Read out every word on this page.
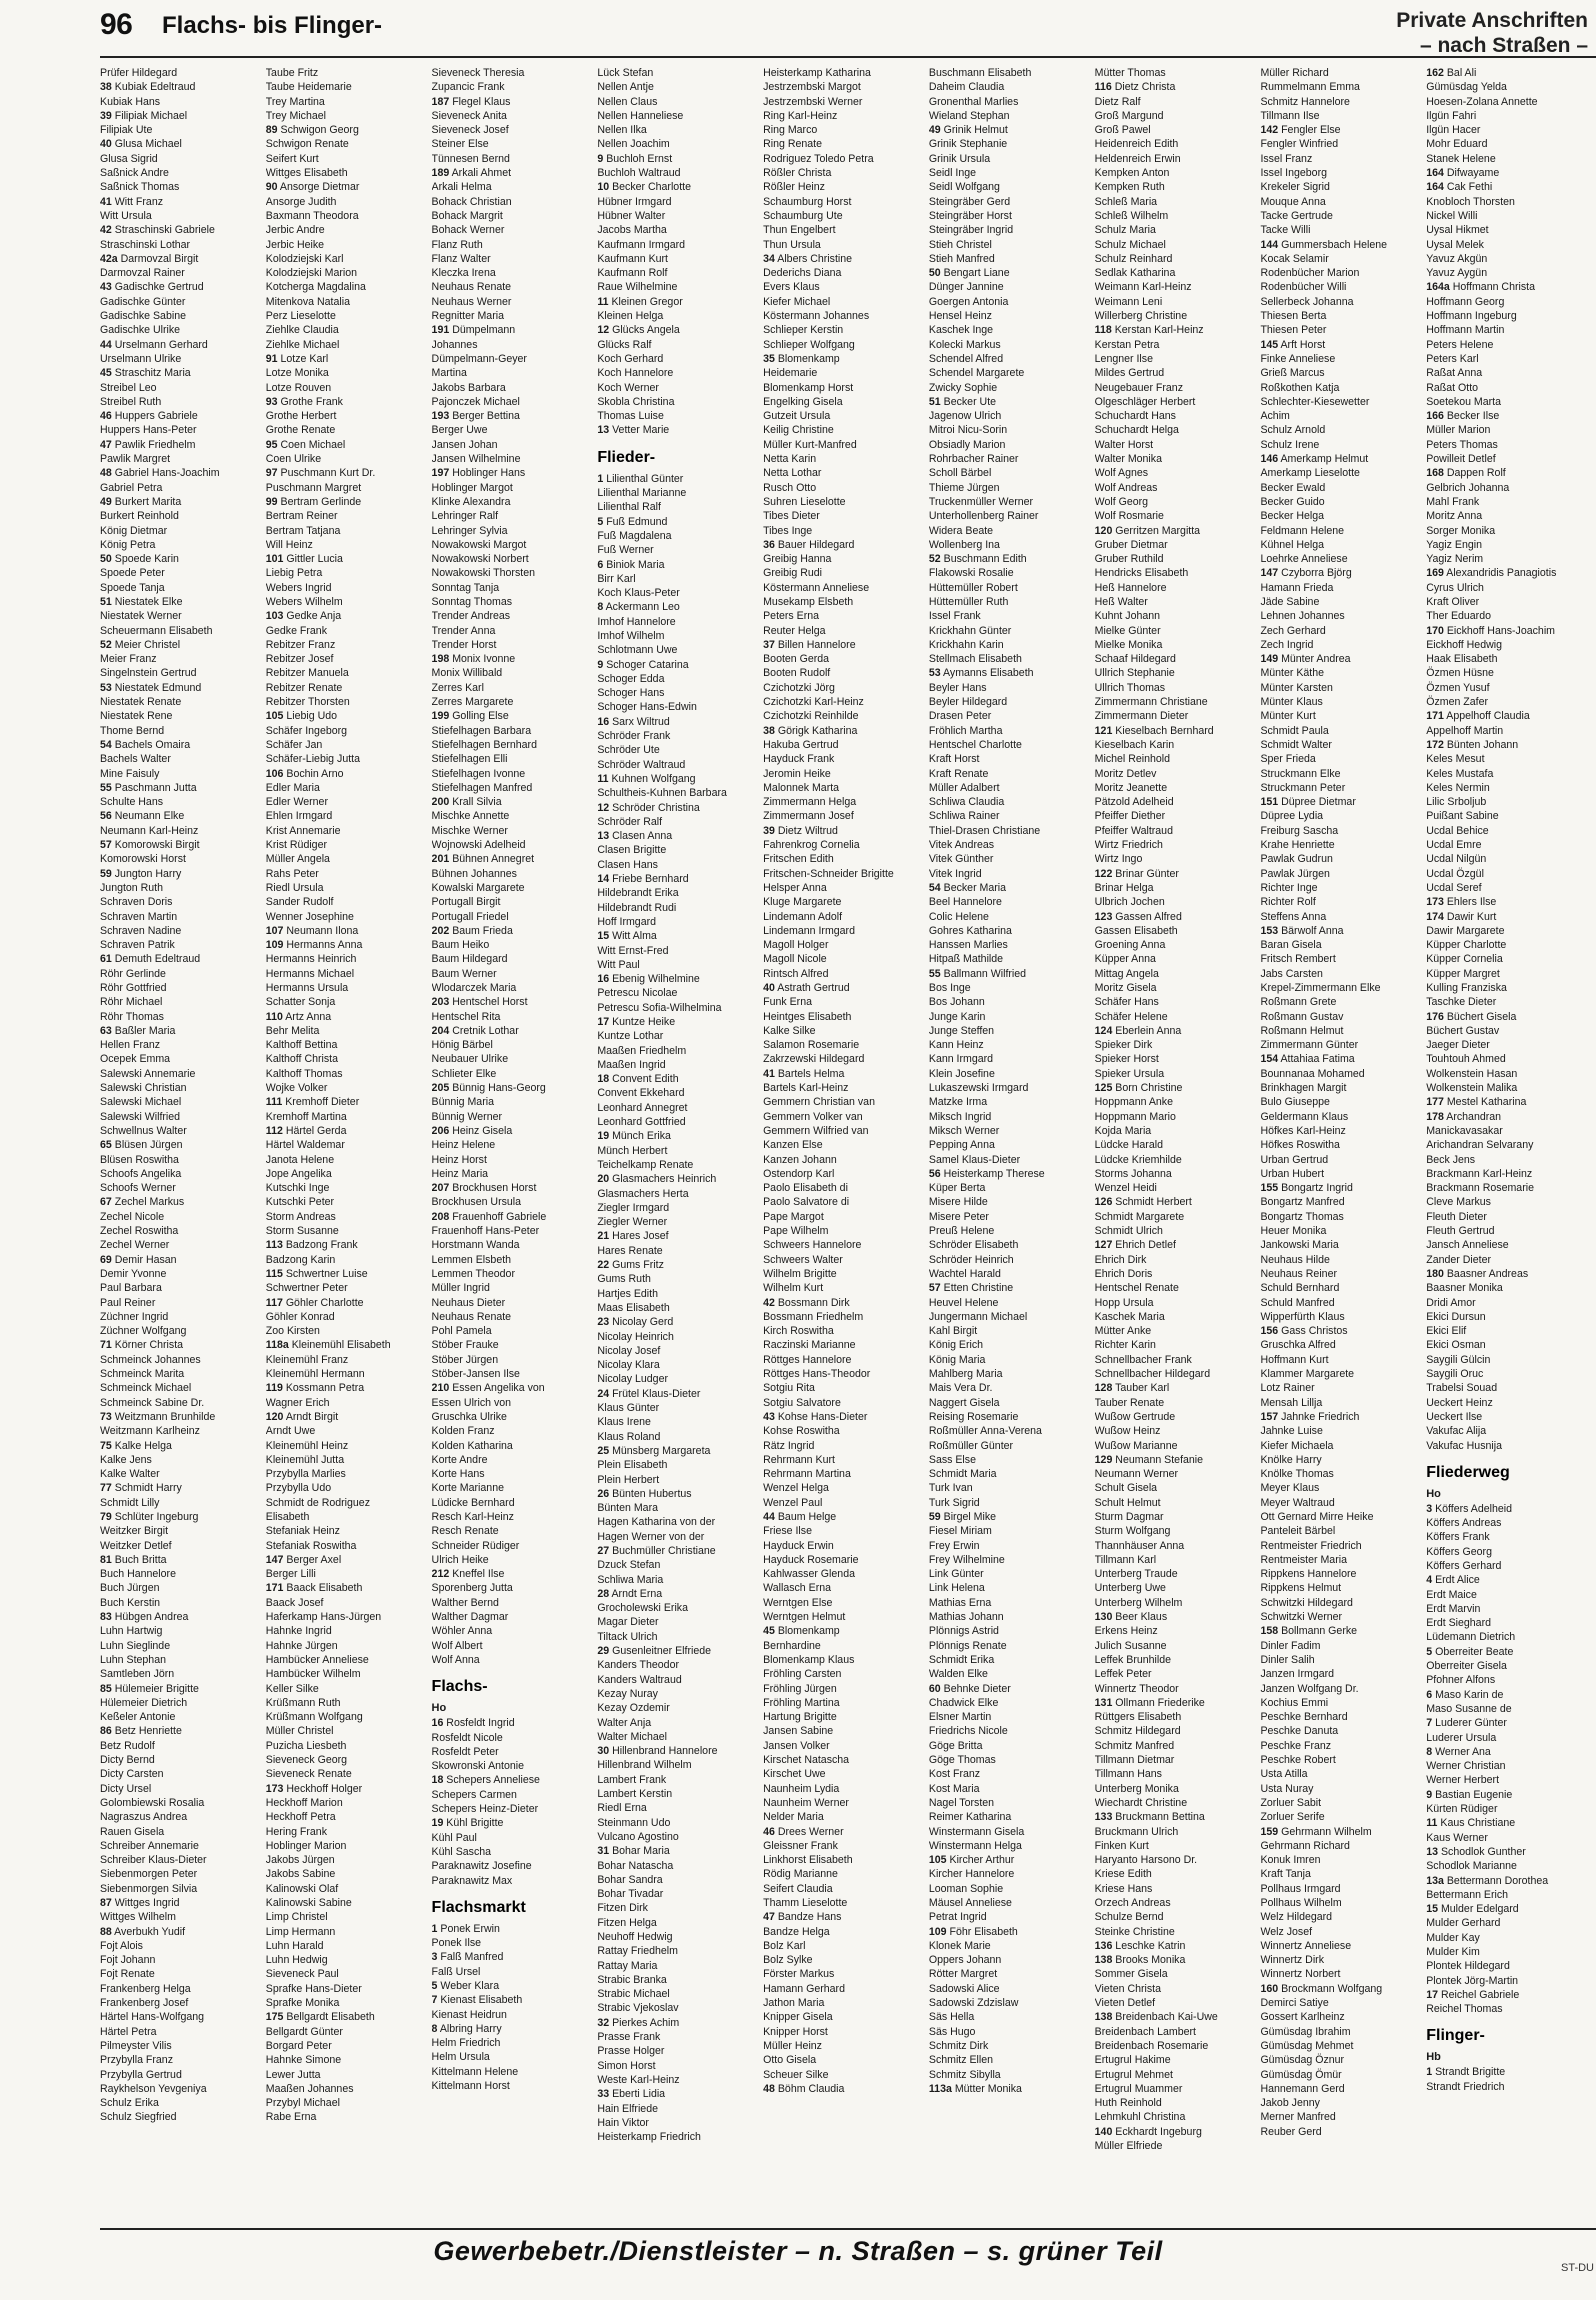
96 Flachs- bis Flinger-	Private Anschriften
– nach Straßen –
Prüfer Hildegard
38 Kubiak Edeltraud
Kubiak Hans
39 Filipiak Michael
Filipiak Ute
40 Glusa Michael
Glusa Sigrid
Saßnick Andre
Saßnick Thomas
41 Witt Franz
Witt Ursula
42 Straschinski Gabriele
Straschinski Lothar
42a Darmovzal Birgit
Darmovzal Rainer
43 Gadischke Gertrud
Gadischke Günter
Gadischke Sabine
Gadischke Ulrike
44 Urselmann Gerhard
Urselmann Ulrike
45 Straschitz Maria
Streibel Leo
Streibel Ruth
46 Huppers Gabriele
Huppers Hans-Peter
47 Pawlik Friedhelm
Pawlik Margret
48 Gabriel Hans-Joachim
Gabriel Petra
49 Burkert Marita
Burkert Reinhold
König Dietmar
König Petra
50 Spoede Karin
Spoede Peter
Spoede Tanja
51 Niestatek Elke
Niestatek Werner
Scheuermann Elisabeth
52 Meier Christel
Meier Franz
Singelnstein Gertrud
53 Niestatek Edmund
Niestatek Renate
Niestatek Rene
Thome Bernd
54 Bachels Omaira
Bachels Walter
Mine Faisuly
55 Paschmann Jutta
Schulte Hans
56 Neumann Elke
Neumann Karl-Heinz
57 Komorowski Birgit
Komorowski Horst
59 Jungton Harry
Jungton Ruth
Schraven Doris
Schraven Martin
Schraven Nadine
Schraven Patrik
61 Demuth Edeltraud
Röhr Gerlinde
Röhr Gottfried
Röhr Michael
Röhr Thomas
63 Baßler Maria
Hellen Franz
Ocepek Emma
Salewski Annemarie
Salewski Christian
Salewski Michael
Salewski Wilfried
Schwellnus Walter
65 Blüsen Jürgen
Blüsen Roswitha
Schoofs Angelika
Schoofs Werner
67 Zechel Markus
Zechel Nicole
Zechel Roswitha
Zechel Werner
69 Demir Hasan
Demir Yvonne
Paul Barbara
Paul Reiner
Züchner Ingrid
Züchner Wolfgang
71 Körner Christa
Schmeinck Johannes
Schmeinck Marita
Schmeinck Michael
Schmeinck Sabine Dr.
73 Weitzmann Brunhilde
Weitzmann Karlheinz
75 Kalke Helga
Kalke Jens
Kalke Walter
77 Schmidt Harry
Schmidt Lilly
79 Schlüter Ingeburg
Weitzker Birgit
Weitzker Detlef
81 Buch Britta
Buch Hannelore
Buch Jürgen
Buch Kerstin
83 Hübgen Andrea
Luhn Hartwig
Luhn Sieglinde
Luhn Stephan
Samtleben Jörn
85 Hülemeier Brigitte
Hülemeier Dietrich
Keßeler Antonie
86 Betz Henriette
Betz Rudolf
Dicty Bernd
Dicty Carsten
Dicty Ursel
Golombiewski Rosalia
Nagraszus Andrea
Rauen Gisela
Schreiber Annemarie
Schreiber Klaus-Dieter
Siebenmorgen Peter
Siebenmorgen Silvia
87 Wittges Ingrid
Wittges Wilhelm
88 Averbukh Yudif
Fojt Alois
Fojt Johann
Fojt Renate
Frankenberg Helga
Frankenberg Josef
Härtel Hans-Wolfgang
Härtel Petra
Pilmeyster Vilis
Przybylla Franz
Przybylla Gertrud
Raykhelson Yevgeniya
Schulz Erika
Schulz Siegfried
Taube Fritz
Taube Heidemarie
Trey Martina
Trey Michael
89 Schwigon Georg
Schwigon Renate
Seifert Kurt
Wittges Elisabeth
90 Ansorge Dietmar
Ansorge Judith
Baxmann Theodora
Jerbic Andre
Jerbic Heike
Kolodziejski Karl
Kolodziejski Marion
Kotcherga Magdalina
Mitenkova Natalia
Perz Lieselotte
Ziehlke Claudia
Ziehlke Michael
91 Lotze Karl
Lotze Monika
Lotze Rouven
93 Grothe Frank
Grothe Herbert
Grothe Renate
95 Coen Michael
Coen Ulrike
97 Puschmann Kurt Dr.
Puschmann Margret
99 Bertram Gerlinde
Bertram Reiner
Bertram Tatjana
Will Heinz
101 Gittler Lucia
Liebig Petra
Webers Ingrid
Webers Wilhelm
103 Gedke Anja
Gedke Frank
Rebitzer Franz
Rebitzer Josef
Rebitzer Manuela
Rebitzer Renate
Rebitzer Thorsten
105 Liebig Udo
Schäfer Ingeborg
Schäfer Jan
Schäfer-Liebig Jutta
106 Bochin Arno
Edler Maria
Edler Werner
Ehlen Irmgard
Krist Annemarie
Krist Rüdiger
Müller Angela
Rahs Peter
Riedl Ursula
Sander Rudolf
Wenner Josephine
107 Neumann Ilona
109 Hermanns Anna
Hermanns Heinrich
Hermanns Michael
Hermanns Ursula
Schatter Sonja
110 Artz Anna
Behr Melita
Kalthoff Bettina
Kalthoff Christa
Kalthoff Thomas
Wojke Volker
111 Kremhoff Dieter
Kremhoff Martina
112 Härtel Gerda
Härtel Waldemar
Janota Helene
Jope Angelika
Kutschki Inge
Kutschki Peter
Storm Andreas
Storm Susanne
113 Badzong Frank
Badzong Karin
115 Schwertner Luise
Schwertner Peter
117 Göhler Charlotte
Göhler Konrad
Zoo Kirsten
118a Kleinemühl Elisabeth
Kleinemühl Franz
Kleinemühl Hermann
119 Kossmann Petra
Wagner Erich
120 Arndt Birgit
Arndt Uwe
Kleinemühl Heinz
Kleinemühl Jutta
Przybylla Marlies
Przybylla Udo
Schmidt de Rodriguez
Elisabeth
Stefaniak Heinz
Stefaniak Roswitha
147 Berger Axel
Berger Lilli
171 Baack Elisabeth
Baack Josef
Haferkamp Hans-Jürgen
Hahnke Ingrid
Hahnke Jürgen
Hambücker Anneliese
Hambücker Wilhelm
Keller Silke
Krüßmann Ruth
Krüßmann Wolfgang
Müller Christel
Puzicha Liesbeth
Sieveneck Georg
Sieveneck Renate
173 Heckhoff Holger
Heckhoff Marion
Heckhoff Petra
Hering Frank
Hoblinger Marion
Jakobs Jürgen
Jakobs Sabine
Kalinowski Olaf
Kalinowski Sabine
Limp Christel
Limp Hermann
Luhn Harald
Luhn Hedwig
Sieveneck Paul
Sprafke Hans-Dieter
Sprafke Monika
175 Bellgardt Elisabeth
Bellgardt Günter
Borgard Peter
Hahnke Simone
Lewer Jutta
Maaßen Johannes
Przybyl Michael
Rabe Erna
Sieveneck Theresia
Zupancic Frank
187 Flegel Klaus
Sieveneck Anita
Sieveneck Josef
Steiner Else
Tünnesen Bernd
189 Arkali Ahmet
Arkali Helma
Bohack Christian
Bohack Margrit
Bohack Werner
Flanz Ruth
Flanz Walter
Kleczka Irena
Neuhaus Renate
Neuhaus Werner
Regnitter Maria
191 Dümpelmann
Johannes
Dümpelmann-Geyer
Martina
Jakobs Barbara
Pajonczek Michael
193 Berger Bettina
Berger Uwe
Jansen Johan
Jansen Wilhelmine
197 Hoblinger Hans
Hoblinger Margot
Klinke Alexandra
Lehringer Ralf
Lehringer Sylvia
Nowakowski Margot
Nowakowski Norbert
Nowakowski Thorsten
Sonntag Tanja
Sonntag Thomas
Trender Andreas
Trender Anna
Trender Horst
198 Monix Ivonne
Monix Willibald
Zerres Karl
Zerres Margarete
199 Golling Else
Stiefelhagen Barbara
Stiefelhagen Bernhard
Stiefelhagen Elli
Stiefelhagen Ivonne
Stiefelhagen Manfred
200 Krall Silvia
Mischke Annette
Mischke Werner
Wojnowski Adelheid
201 Bühnen Annegret
Bühnen Johannes
Kowalski Margarete
Portugall Birgit
Portugall Friedel
202 Baum Frieda
Baum Heiko
Baum Hildegard
Baum Werner
Wlodarczek Maria
203 Hentschel Horst
Hentschel Rita
204 Cretnik Lothar
Hönig Bärbel
Neubauer Ulrike
Schlieter Elke
205 Bünnig Hans-Georg
Bünnig Maria
Bünnig Werner
206 Heinz Gisela
Heinz Helene
Heinz Horst
Heinz Maria
207 Brockhusen Horst
Brockhusen Ursula
208 Frauenhoff Gabriele
Frauenhoff Hans-Peter
Horstmann Wanda
Lemmen Elsbeth
Lemmen Theodor
Müller Ingrid
Neuhaus Dieter
Neuhaus Renate
Pohl Pamela
Stöber Frauke
Stöber Jürgen
Stöber-Jansen Ilse
210 Essen Angelika von
Essen Ulrich von
Gruschka Ulrike
Kolden Franz
Kolden Katharina
Korte Andre
Korte Hans
Korte Marianne
Lüdicke Bernhard
Resch Karl-Heinz
Resch Renate
Schneider Rüdiger
Ulrich Heike
212 Kneffel Ilse
Sporenberg Jutta
Walther Bernd
Walther Dagmar
Wöhler Anna
Wolf Albert
Wolf Anna
Flachs-
Ho
16 Rosfeldt Ingrid
Rosfeldt Nicole
Rosfeldt Peter
Skowronski Antonie
18 Schepers Anneliese
Schepers Carmen
Schepers Heinz-Dieter
19 Kühl Brigitte
Kühl Paul
Kühl Sascha
Paraknawitz Josefine
Paraknawitz Max
Flachsmarkt
1 Ponek Erwin
Ponek Ilse
3 Falß Manfred
Falß Ursel
5 Weber Klara
7 Kienast Elisabeth
Kienast Heidrun
8 Albring Harry
Helm Friedrich
Helm Ursula
Kittelmann Helene
Kittelmann Horst
Lück Stefan
Nellen Antje
Nellen Claus
Nellen Hanneliese
Nellen Ilka
Nellen Joachim
9 Buchloh Ernst
Buchloh Waltraud
10 Becker Charlotte
Hübner Irmgard
Hübner Walter
Jacobs Martha
Kaufmann Irmgard
Kaufmann Kurt
Kaufmann Rolf
Raue Wilhelmine
11 Kleinen Gregor
Kleinen Helga
12 Glücks Angela
Glücks Ralf
Koch Gerhard
Koch Hannelore
Koch Werner
Skobla Christina
Thomas Luise
13 Vetter Marie
Flieder-
1 Lilienthal Günter
Lilienthal Marianne
Lilienthal Ralf
5 Fuß Edmund
Fuß Magdalena
Fuß Werner
6 Biniok Maria
Birr Karl
Koch Klaus-Peter
8 Ackermann Leo
Imhof Hannelore
Imhof Wilhelm
Schlotmann Uwe
9 Schoger Catarina
Schoger Edda
Schoger Hans
Schoger Hans-Edwin
16 Sarx Wiltrud
Schröder Frank
Schröder Ute
Schröder Waltraud
11 Kuhnen Wolfgang
Schultheis-Kuhnen Barbara
12 Schröder Christina
Schröder Ralf
13 Clasen Anna
Clasen Brigitte
Clasen Hans
14 Friebe Bernhard
Hildebrandt Erika
Hildebrandt Rudi
Hoff Irmgard
15 Witt Alma
Witt Ernst-Fred
Witt Paul
16 Ebenig Wilhelmine
Petrescu Nicolae
Petrescu Sofia-Wilhelmina
17 Kuntze Heike
Kuntze Lothar
Maaßen Friedhelm
Maaßen Ingrid
18 Convent Edith
Convent Ekkehard
Leonhard Annegret
Leonhard Gottfried
19 Münch Erika
Münch Herbert
Teichelkamp Renate
20 Glasmachers Heinrich
Glasmachers Herta
Ziegler Irmgard
Ziegler Werner
21 Hares Josef
Hares Renate
22 Gums Fritz
Gums Ruth
Hartjes Edith
Maas Elisabeth
23 Nicolay Gerd
Nicolay Heinrich
Nicolay Josef
Nicolay Klara
Nicolay Ludger
24 Frütel Klaus-Dieter
Klaus Günter
Klaus Irene
Klaus Roland
25 Münsberg Margareta
Plein Elisabeth
Plein Herbert
26 Bünten Hubertus
Bünten Mara
Hagen Katharina von der
Hagen Werner von der
27 Buchmüller Christiane
Dzuck Stefan
Schliwa Maria
28 Arndt Erna
Grocholewski Erika
Magar Dieter
Tiltack Ulrich
29 Gusenleitner Elfriede
Kanders Theodor
Kanders Waltraud
Kezay Nuray
Kezay Ozdemir
Walter Anja
Walter Michael
30 Hillenbrand Hannelore
Hillenbrand Wilhelm
Lambert Frank
Lambert Kerstin
Riedl Erna
Steinmann Udo
Vulcano Agostino
31 Bohar Maria
Bohar Natascha
Bohar Sandra
Bohar Tivadar
Fitzen Dirk
Fitzen Helga
Neuhoff Hedwig
Rattay Friedhelm
Rattay Maria
Strabic Branka
Strabic Michael
Strabic Vjekoslav
32 Pierkes Achim
Prasse Frank
Prasse Holger
Simon Horst
Weste Karl-Heinz
33 Eberti Lidia
Hain Elfriede
Hain Viktor
Heisterkamp Friedrich
Heisterkamp Katharina
Jestrzembski Margot
Jestrzembski Werner
Ring Karl-Heinz
Ring Marco
Ring Renate
Rodriguez Toledo Petra
Rößler Christa
Rößler Heinz
Schaumburg Horst
Schaumburg Ute
Thun Engelbert
Thun Ursula
34 Albers Christine
Dederichs Diana
Evers Klaus
Kiefer Michael
Köstermann Johannes
Schlieper Kerstin
Schlieper Wolfgang
35 Blomenkamp
Heidemarie
Blomenkamp Horst
Engelking Gisela
Gutzeit Ursula
Keilig Christine
Müller Kurt-Manfred
Netta Karin
Netta Lothar
Rusch Otto
Suhren Lieselotte
Tibes Dieter
Tibes Inge
36 Bauer Hildegard
Greibig Hanna
Greibig Rudi
Köstermann Anneliese
Musekamp Elsbeth
Peters Erna
Reuter Helga
37 Billen Hannelore
Booten Gerda
Booten Rudolf
Czichotzki Jörg
Czichotzki Karl-Heinz
Czichotzki Reinhilde
38 Görigk Katharina
Hakuba Gertrud
Hayduck Frank
Jeromin Heike
Malonnek Marta
Zimmermann Helga
Zimmermann Josef
39 Dietz Wiltrud
Fahrenkrog Cornelia
Fritschen Edith
Fritschen-Schneider Brigitte
Helsper Anna
Kluge Margarete
Lindemann Adolf
Lindemann Irmgard
Magoll Holger
Magoll Nicole
Rintsch Alfred
40 Astrath Gertrud
Funk Erna
Heintges Elisabeth
Kalke Silke
Salamon Rosemarie
Zakrzewski Hildegard
41 Bartels Helma
Bartels Karl-Heinz
Gemmern Christian van
Gemmern Volker van
Gemmern Wilfried van
Kanzen Else
Kanzen Johann
Ostendorp Karl
Paolo Elisabeth di
Paolo Salvatore di
Pape Margot
Pape Wilhelm
Schweers Hannelore
Schweers Walter
Wilhelm Brigitte
Wilhelm Kurt
42 Bossmann Dirk
Bossmann Friedhelm
Kirch Roswitha
Raczinski Marianne
Röttges Hannelore
Röttges Hans-Theodor
Sotgiu Rita
Sotgiu Salvatore
43 Kohse Hans-Dieter
Kohse Roswitha
Rätz Ingrid
Rehrmann Kurt
Rehrmann Martina
Wenzel Helga
Wenzel Paul
44 Baum Helge
Friese Ilse
Hayduck Erwin
Hayduck Rosemarie
Kahlwasser Glenda
Wallasch Erna
Werntgen Else
Werntgen Helmut
45 Blomenkamp
Bernhardine
Blomenkamp Klaus
Fröhling Carsten
Fröhling Jürgen
Fröhling Martina
Hartung Brigitte
Jansen Sabine
Jansen Volker
Kirschet Natascha
Kirschet Uwe
Naunheim Lydia
Naunheim Werner
Nelder Maria
46 Drees Werner
Gleissner Frank
Linkhorst Elisabeth
Rödig Marianne
Seifert Claudia
Thamm Lieselotte
47 Bandze Hans
Bandze Helga
Bolz Karl
Bolz Sylke
Förster Markus
Hamann Gerhard
Jathon Maria
Knipper Gisela
Knipper Horst
Müller Heinz
Otto Gisela
Scheuer Silke
48 Böhm Claudia
Buschmann Elisabeth
Daheim Claudia
Gronenthal Marlies
Wieland Stephan
49 Grinik Helmut
Grinik Stephanie
Grinik Ursula
Seidl Inge
Seidl Wolfgang
Steingräber Gerd
Steingräber Horst
Steingräber Ingrid
Stieh Christel
Stieh Manfred
50 Bengart Liane
Dünger Jannine
Goergen Antonia
Hensel Heinz
Kaschek Inge
Kolecki Markus
Schendel Alfred
Schendel Margarete
Zwicky Sophie
51 Becker Ute
Jagenow Ulrich
Mitroi Nicu-Sorin
Obsiadly Marion
Rohrbacher Rainer
Scholl Bärbel
Thieme Jürgen
Truckenmüller Werner
Unterhollenberg Rainer
Widera Beate
Wollenberg Ina
52 Buschmann Edith
Flakowski Rosalie
Hüttemüller Robert
Hüttemüller Ruth
Issel Frank
Krickhahn Günter
Krickhahn Karin
Stellmach Elisabeth
53 Aymanns Elisabeth
Beyler Hans
Beyler Hildegard
Drasen Peter
Fröhlich Martha
Hentschel Charlotte
Kraft Horst
Kraft Renate
Müller Adalbert
Schliwa Claudia
Schliwa Rainer
Thiel-Drasen Christiane
Vitek Andreas
Vitek Günther
Vitek Ingrid
54 Becker Maria
Beel Hannelore
Colic Helene
Gohres Katharina
Hanssen Marlies
Hitpaß Mathilde
55 Ballmann Wilfried
Bos Inge
Bos Johann
Junge Karin
Junge Steffen
Kann Heinz
Kann Irmgard
Klein Josefine
Lukaszewski Irmgard
Matzke Irma
Miksch Ingrid
Miksch Werner
Pepping Anna
Samel Klaus-Dieter
56 Heisterkamp Therese
Küper Berta
Misere Hilde
Misere Peter
Preuß Helene
Schröder Elisabeth
Schröder Heinrich
Wachtel Harald
57 Etten Christine
Heuvel Helene
Jungermann Michael
Kahl Birgit
König Erich
König Maria
Mahlberg Maria
Mais Vera Dr.
Naggert Gisela
Reising Rosemarie
Roßmüller Anna-Verena
Roßmüller Günter
Sass Else
Schmidt Maria
Turk Ivan
Turk Sigrid
59 Birgel Mike
Fiesel Miriam
Frey Erwin
Frey Wilhelmine
Link Günter
Link Helena
Mathias Erna
Mathias Johann
Plönnigs Astrid
Plönnigs Renate
Schmidt Erika
Walden Elke
60 Behnke Dieter
Chadwick Elke
Elsner Martin
Friedrichs Nicole
Göge Britta
Göge Thomas
Kost Franz
Kost Maria
Nagel Torsten
Reimer Katharina
Winstermann Gisela
Winstermann Helga
105 Kircher Arthur
Kircher Hannelore
Looman Sophie
Mäusel Anneliese
Petrat Ingrid
109 Föhr Elisabeth
Klonek Marie
Oppers Johann
Rötter Margret
Sadowski Alice
Sadowski Zdzislaw
Säs Hella
Säs Hugo
Schmitz Dirk
Schmitz Ellen
Schmitz Sibylla
113a Mütter Monika
Mütter Thomas
116 Dietz Christa
Dietz Ralf
Groß Margund
Groß Pawel
Heidenreich Edith
Heldenreich Erwin
Kempken Anton
Kempken Ruth
Schleß Maria
Schleß Wilhelm
Schulz Maria
Schulz Michael
Schulz Reinhard
Sedlak Katharina
Weimann Karl-Heinz
Weimann Leni
Willerberg Christine
118 Kerstan Karl-Heinz
Kerstan Petra
Lengner Ilse
Mildes Gertrud
Neugebauer Franz
Olgeschläger Herbert
Schuchardt Hans
Schuchardt Helga
Walter Horst
Walter Monika
Wolf Agnes
Wolf Andreas
Wolf Georg
Wolf Rosmarie
120 Gerritzen Margitta
Gruber Dietmar
Gruber Ruthild
Hendricks Elisabeth
Heß Hannelore
Heß Walter
Kuhnt Johann
Mielke Günter
Mielke Monika
Schaaf Hildegard
Ullrich Stephanie
Ullrich Thomas
Zimmermann Christiane
Zimmermann Dieter
121 Kieselbach Bernhard
Kieselbach Karin
Michel Reinhold
Moritz Detlev
Moritz Jeanette
Pätzold Adelheid
Pfeiffer Diether
Pfeiffer Waltraud
Wirtz Friedrich
Wirtz Ingo
122 Brinar Günter
Brinar Helga
Ulbrich Jochen
123 Gassen Alfred
Gassen Elisabeth
Groening Anna
Küpper Anna
Mittag Angela
Moritz Gisela
Schäfer Hans
Schäfer Helene
124 Eberlein Anna
Spieker Dirk
Spieker Horst
Spieker Ursula
125 Born Christine
Hoppmann Anke
Hoppmann Mario
Kojda Maria
Lüdcke Harald
Lüdcke Kriemhilde
Storms Johanna
Wenzel Heidi
126 Schmidt Herbert
Schmidt Margarete
Schmidt Ulrich
127 Ehrich Detlef
Ehrich Dirk
Ehrich Doris
Hentschel Renate
Hopp Ursula
Kaschek Maria
Mütter Anke
Richter Karin
Schnellbacher Frank
Schnellbacher Hildegard
128 Tauber Karl
Tauber Renate
Wußow Gertrude
Wußow Heinz
Wußow Marianne
129 Neumann Stefanie
Neumann Werner
Schult Gisela
Schult Helmut
Sturm Dagmar
Sturm Wolfgang
Thannhäuser Anna
Tillmann Karl
Unterberg Traude
Unterberg Uwe
Unterberg Wilhelm
130 Beer Klaus
Erkens Heinz
Julich Susanne
Leffek Brunhilde
Leffek Peter
Winnertz Theodor
131 Ollmann Friederike
Rüttgers Elisabeth
Schmitz Hildegard
Schmitz Manfred
Tillmann Dietmar
Tillmann Hans
Unterberg Monika
Wiechardt Christine
133 Bruckmann Bettina
Bruckmann Ulrich
Finken Kurt
Haryanto Harsono Dr.
Kriese Edith
Kriese Hans
Orzech Andreas
Schulze Bernd
Steinke Christine
136 Leschke Katrin
138 Brooks Monika
Sommer Gisela
Vieten Christa
Vieten Detlef
138 Breidenbach Kai-Uwe
Breidenbach Lambert
Breidenbach Rosemarie
Ertugrul Hakime
Ertugrul Mehmet
Ertugrul Muammer
Huth Reinhold
Lehmkuhl Christina
140 Eckhardt Ingeburg
Müller Elfriede
Müller Richard
Rummelmann Emma
Schmitz Hannelore
Tillmann Ilse
142 Fengler Else
Fengler Winfried
Issel Franz
Issel Ingeborg
Krekeler Sigrid
Mouque Anna
Tacke Gertrude
Tacke Willi
144 Gummersbach Helene
Kocak Selamir
Rodenbücher Marion
Rodenbücher Willi
Sellerbeck Johanna
Thiesen Berta
Thiesen Peter
145 Arft Horst
Finke Anneliese
Grieß Marcus
Roßkothen Katja
Schlechter-Kiesewetter
Achim
Schulz Arnold
Schulz Irene
146 Amerkamp Helmut
Amerkamp Lieselotte
Becker Ewald
Becker Guido
Becker Helga
Feldmann Helene
Kühnel Helga
Loehrke Anneliese
147 Czyborra Björg
Hamann Frieda
Jäde Sabine
Lehnen Johannes
Zech Gerhard
Zech Ingrid
149 Münter Andrea
Münter Käthe
Münter Karsten
Münter Klaus
Münter Kurt
Schmidt Paula
Schmidt Walter
Sper Frieda
Struckmann Elke
Struckmann Peter
151 Düpree Dietmar
Düpree Lydia
Freiburg Sascha
Krahe Henriette
Pawlak Gudrun
Pawlak Jürgen
Richter Inge
Richter Rolf
Steffens Anna
153 Bärwolf Anna
Baran Gisela
Fritsch Rembert
Jabs Carsten
Krepel-Zimmermann Elke
Roßmann Grete
Roßmann Gustav
Roßmann Helmut
Zimmermann Günter
154 Attahiaa Fatima
Bounnanaa Mohamed
Brinkhagen Margit
Bulo Giuseppe
Geldermann Klaus
Höfkes Karl-Heinz
Höfkes Roswitha
Urban Gertrud
Urban Hubert
155 Bongartz Ingrid
Bongartz Manfred
Bongartz Thomas
Heuer Monika
Jankowski Maria
Neuhaus Hilde
Neuhaus Reiner
Schuld Bernhard
Schuld Manfred
Wipperfürth Klaus
156 Gass Christos
Gruschka Alfred
Hoffmann Kurt
Klammer Margarete
Lotz Rainer
Mensah Lillja
157 Jahnke Friedrich
Jahnke Luise
Kiefer Michaela
Knölke Harry
Knölke Thomas
Meyer Klaus
Meyer Waltraud
Ott Gernard Mirre Heike
Panteleit Bärbel
Rentmeister Friedrich
Rentmeister Maria
Rippkens Hannelore
Rippkens Helmut
Schwitzki Hildegard
Schwitzki Werner
158 Bollmann Gerke
Dinler Fadim
Dinler Salih
Janzen Irmgard
Janzen Wolfgang Dr.
Kochius Emmi
Peschke Bernhard
Peschke Danuta
Peschke Franz
Peschke Robert
Usta Atilla
Usta Nuray
Zorluer Sabit
Zorluer Serife
159 Gehrmann Wilhelm
Gehrmann Richard
Konuk Imren
Kraft Tanja
Pollhaus Irmgard
Pollhaus Wilhelm
Welz Hildegard
Welz Josef
Winnertz Anneliese
Winnertz Dirk
Winnertz Norbert
160 Brockmann Wolfgang
Demirci Satiye
Gossert Karlheinz
Gümüsdag Ibrahim
Gümüsdag Mehmet
Gümüsdag Öznur
Gümüsdag Ömür
Hannemann Gerd
Jakob Jenny
Merner Manfred
Reuber Gerd
162 Bal Ali
Gümüsdag Yelda
Hoesen-Zolana Annette
Ilgün Fahri
Ilgün Hacer
Mohr Eduard
Stanek Helene
164 Difwayame
164 Cak Fethi
Knobloch Thorsten
Nickel Willi
Uysal Hikmet
Uysal Melek
Yavuz Akgün
Yavuz Aygün
164a Hoffmann Christa
Hoffmann Georg
Hoffmann Ingeburg
Hoffmann Martin
Peters Helene
Peters Karl
Raßat Anna
Raßat Otto
Soetekou Marta
166 Becker Ilse
Müller Marion
Peters Thomas
Powilleit Detlef
168 Dappen Rolf
Gelbrich Johanna
Mahl Frank
Moritz Anna
Sorger Monika
Yagiz Engin
Yagiz Nerim
169 Alexandridis Panagiotis
Cyrus Ulrich
Kraft Oliver
Ther Eduardo
170 Eickhoff Hans-Joachim
Eickhoff Hedwig
Haak Elisabeth
Özmen Hüsne
Özmen Yusuf
Özmen Zafer
171 Appelhoff Claudia
Appelhoff Martin
172 Bünten Johann
Keles Mesut
Keles Mustafa
Keles Nermin
Lilic Srboljub
Puißant Sabine
Ucdal Behice
Ucdal Emre
Ucdal Nilgün
Ucdal Özgül
Ucdal Seref
173 Ehlers Ilse
174 Dawir Kurt
Dawir Margarete
Küpper Charlotte
Küpper Cornelia
Küpper Margret
Kulling Franziska
Taschke Dieter
176 Büchert Gisela
Büchert Gustav
Jaeger Dieter
Touhtouh Ahmed
Wolkenstein Hasan
Wolkenstein Malika
177 Mestel Katharina
178 Archandran
Manickavasakar
Arichandran Selvarany
Beck Jens
Brackmann Karl-Heinz
Brackmann Rosemarie
Cleve Markus
Fleuth Dieter
Fleuth Gertrud
Jansch Anneliese
Zander Dieter
180 Baasner Andreas
Baasner Monika
Dridi Amor
Ekici Dursun
Ekici Elif
Ekici Osman
Saygili Gülcin
Saygili Oruc
Trabelsi Souad
Ueckert Heinz
Ueckert Ilse
Vakufac Alija
Vakufac Husnija
Fliederweg
Ho
3 Köffers Adelheid
Köffers Andreas
Köffers Frank
Köffers Georg
Köffers Gerhard
4 Erdt Alice
Erdt Maice
Erdt Marvin
Erdt Sieghard
Lüdemann Dietrich
5 Oberreiter Beate
Oberreiter Gisela
Pfohner Alfons
6 Maso Karin de
Maso Susanne de
7 Luderer Günter
Luderer Ursula
8 Werner Ana
Werner Christian
Werner Herbert
9 Bastian Eugenie
Kürten Rüdiger
11 Kaus Christiane
Kaus Werner
13 Schodlok Gunther
Schodlok Marianne
13a Bettermann Dorothea
Bettermann Erich
15 Mulder Edelgard
Mulder Gerhard
Mulder Kay
Mulder Kim
Plontek Hildegard
Plontek Jörg-Martin
17 Reichel Gabriele
Reichel Thomas
Flinger-
Hb
1 Strandt Brigitte
Strandt Friedrich
Gewerbebetr./Dienstleister – n. Straßen – s. grüner Teil
ST-DU
